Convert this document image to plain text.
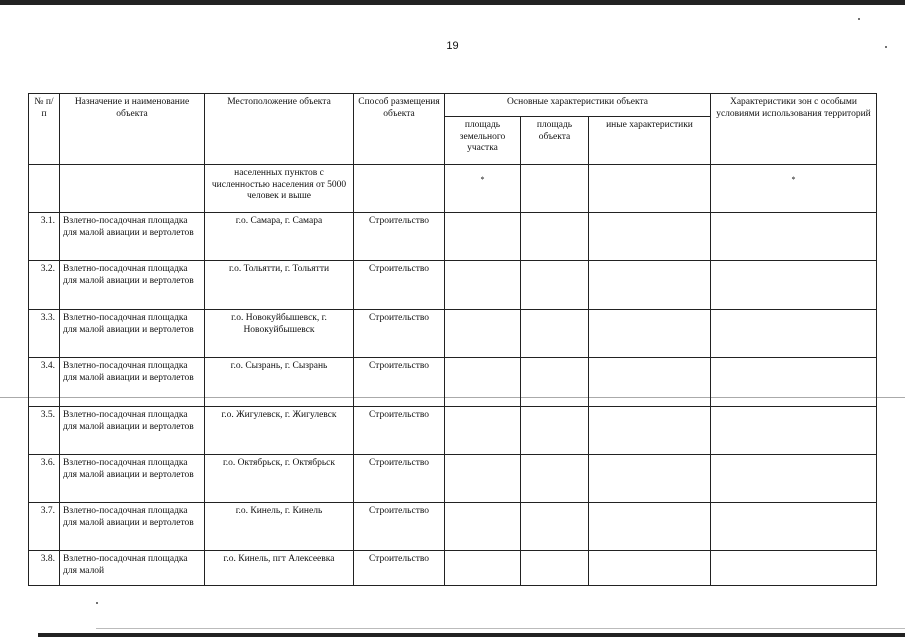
19
№ п/п	Назначение и наименование объекта	Местоположение объекта	Способ размещения объекта	Основные характеристики объекта			Характеристики зон с особыми условиями использования территорий
				площадь земельного участка	площадь объекта	иные характеристики	
		населенных пунктов с численностью населения от 5000 человек и выше		*			*
3.1.	Взлетно-посадочная площадка для малой авиации и вертолетов	г.о. Самара, г. Самара	Строительство				
3.2.	Взлетно-посадочная площадка для малой авиации и вертолетов	г.о. Тольятти, г. Тольятти	Строительство				
3.3.	Взлетно-посадочная площадка для малой авиации и вертолетов	г.о. Новокуйбышевск, г. Новокуйбышевск	Строительство				
3.4.	Взлетно-посадочная площадка для малой авиации и вертолетов	г.о. Сызрань, г. Сызрань	Строительство				
3.5.	Взлетно-посадочная площадка для малой авиации и вертолетов	г.о. Жигулевск, г. Жигулевск	Строительство				
3.6.	Взлетно-посадочная площадка для малой авиации и вертолетов	г.о. Октябрьск, г. Октябрьск	Строительство				
3.7.	Взлетно-посадочная площадка для малой авиации и вертолетов	г.о. Кинель, г. Кинель	Строительство				
3.8.	Взлетно-посадочная площадка для малой	г.о. Кинель, пгт Алексеевка	Строительство				
